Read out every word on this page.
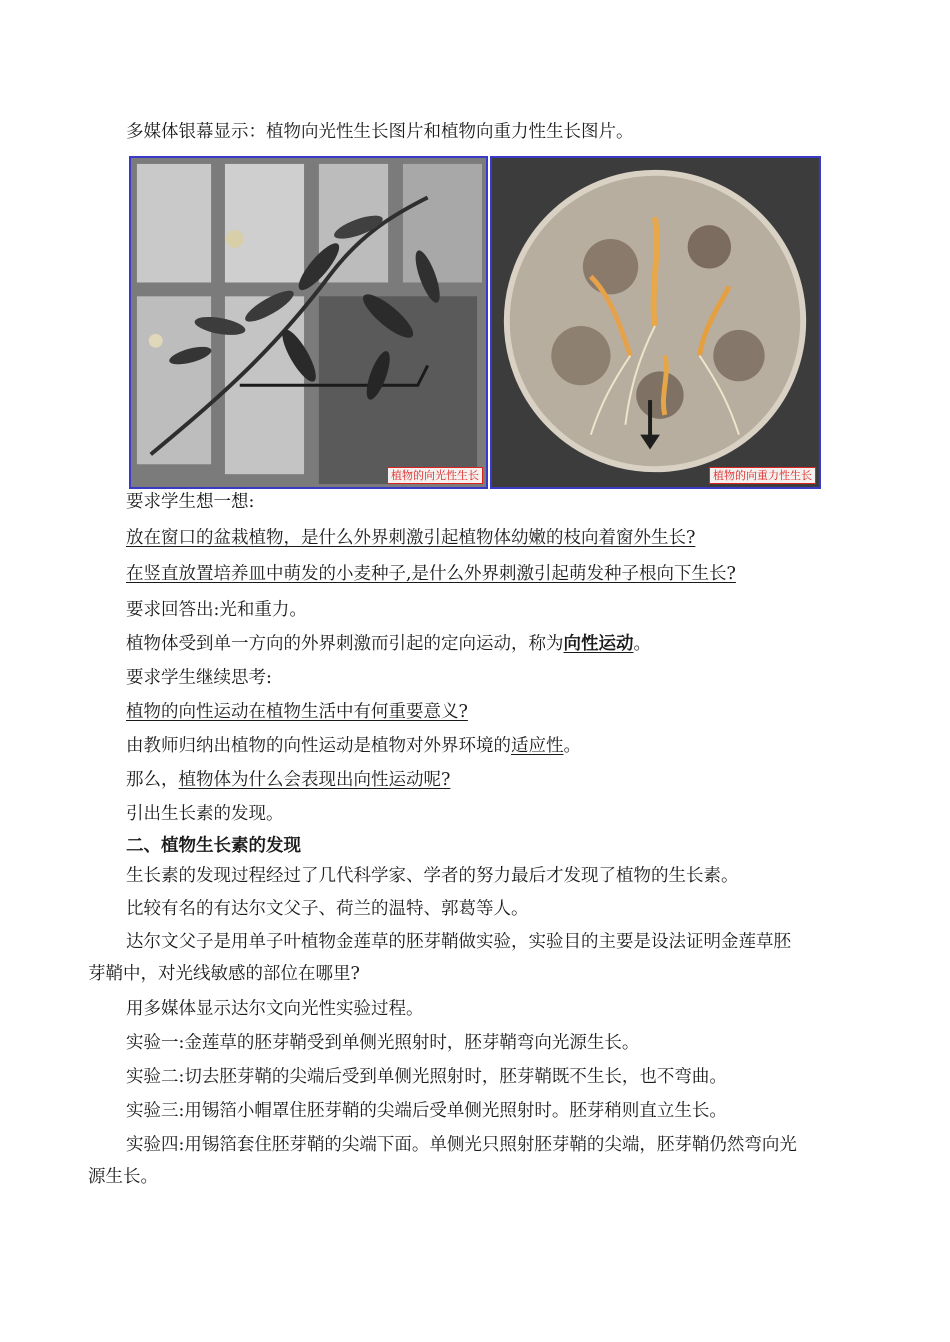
多媒体银幕显示：植物向光性生长图片和植物向重力性生长图片。
植物的向光性生长	植物的向重力性生长
要求学生想一想:
放在窗口的盆栽植物，是什么外界刺激引起植物体幼嫩的枝向着窗外生长?
在竖直放置培养皿中萌发的小麦种子,是什么外界刺激引起萌发种子根向下生长?
要求回答出:光和重力。
植物体受到单一方向的外界刺激而引起的定向运动，称为向性运动。
要求学生继续思考:
植物的向性运动在植物生活中有何重要意义?
由教师归纳出植物的向性运动是植物对外界环境的适应性。
那么，植物体为什么会表现出向性运动呢?
引出生长素的发现。
二、植物生长素的发现
生长素的发现过程经过了几代科学家、学者的努力最后才发现了植物的生长素。
比较有名的有达尔文父子、荷兰的温特、郭葛等人。
达尔文父子是用单子叶植物金莲草的胚芽鞘做实验，实验目的主要是设法证明金莲草胚
芽鞘中，对光线敏感的部位在哪里?
用多媒体显示达尔文向光性实验过程。
实验一:金莲草的胚芽鞘受到单侧光照射时，胚芽鞘弯向光源生长。
实验二:切去胚芽鞘的尖端后受到单侧光照射时，胚芽鞘既不生长，也不弯曲。
实验三:用锡箔小帽罩住胚芽鞘的尖端后受单侧光照射时。胚芽稍则直立生长。
实验四:用锡箔套住胚芽鞘的尖端下面。单侧光只照射胚芽鞘的尖端，胚芽鞘仍然弯向光
源生长。
